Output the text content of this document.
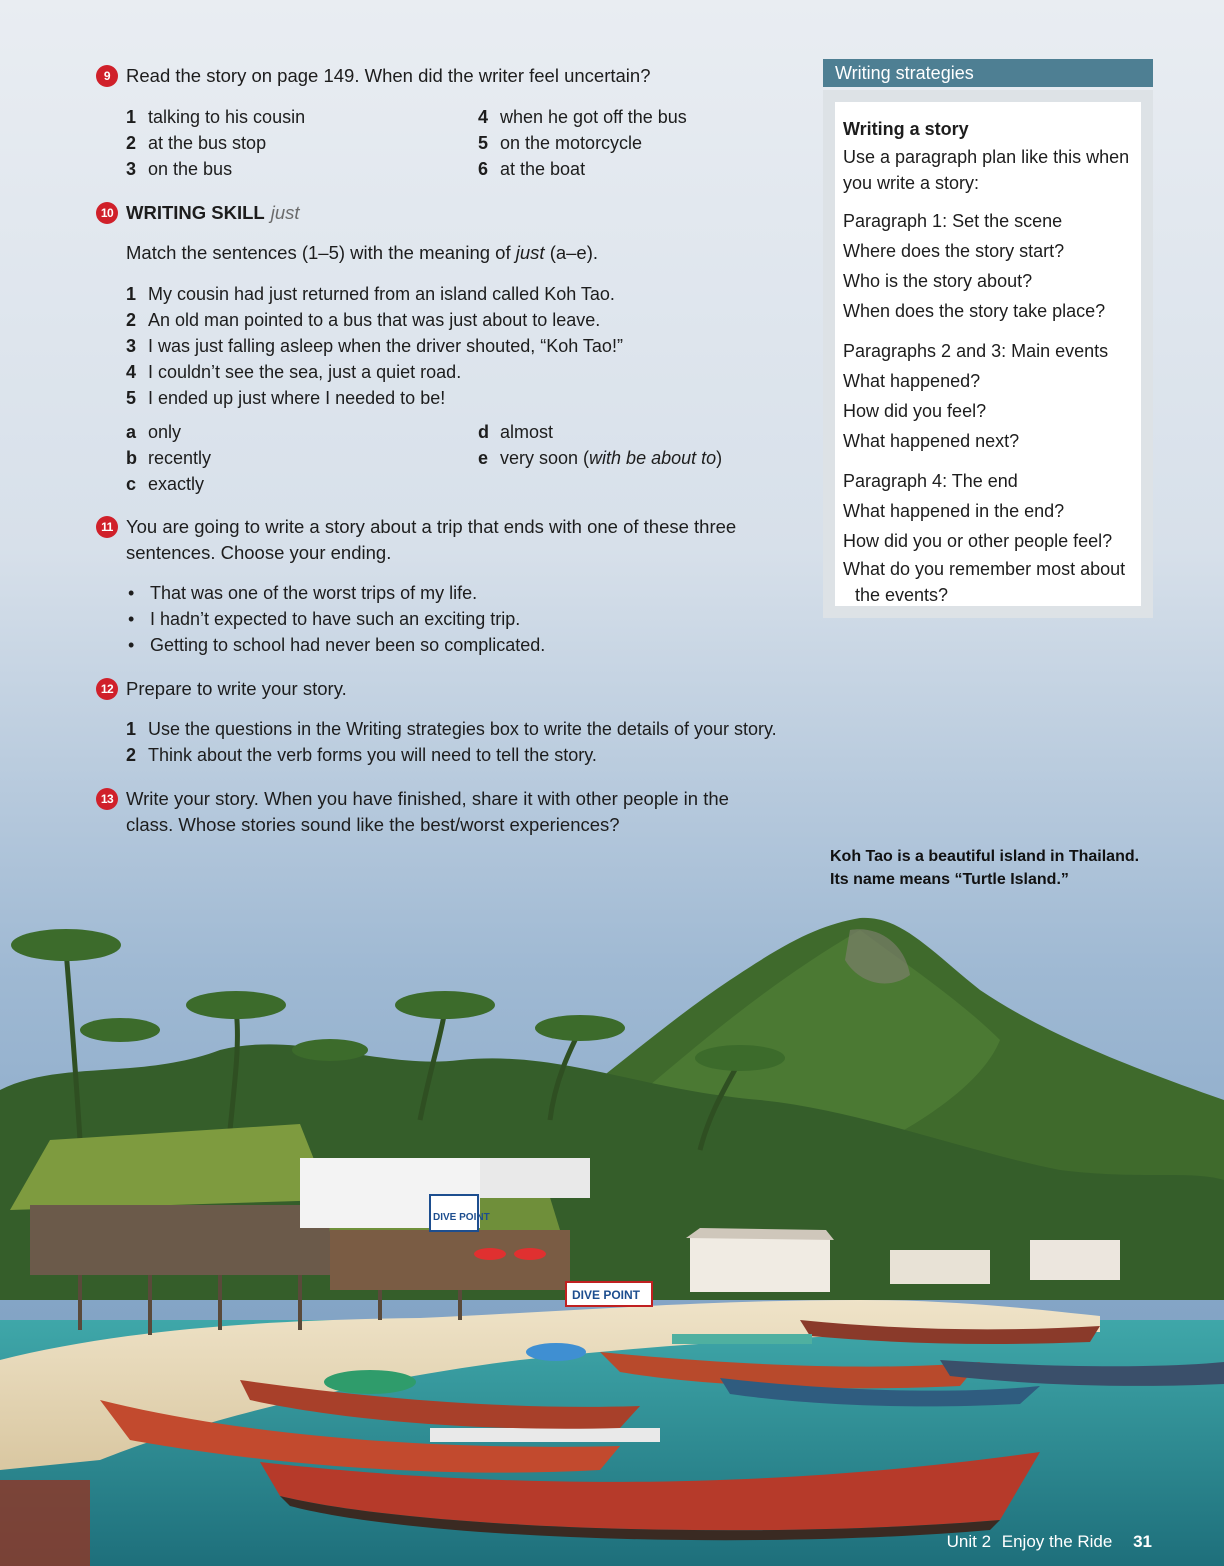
DIVE POINT
DIVE POINT
9 Read the story on page 149. When did the writer feel uncertain?
1 talking to his cousin
2 at the bus stop
3 on the bus
4 when he got off the bus
5 on the motorcycle
6 at the boat
10 WRITING SKILL just
Match the sentences (1–5) with the meaning of just (a–e).
1 My cousin had just returned from an island called Koh Tao.
2 An old man pointed to a bus that was just about to leave.
3 I was just falling asleep when the driver shouted, “Koh Tao!”
4 I couldn’t see the sea, just a quiet road.
5 I ended up just where I needed to be!
a only
b recently
c exactly
d almost
e very soon (with be about to)
11 You are going to write a story about a trip that ends with one of these three
sentences. Choose your ending.
• That was one of the worst trips of my life.
• I hadn’t expected to have such an exciting trip.
• Getting to school had never been so complicated.
12 Prepare to write your story.
1 Use the questions in the Writing strategies box to write the details of your story.
2 Think about the verb forms you will need to tell the story.
13 Write your story. When you have finished, share it with other people in the
class. Whose stories sound like the best/worst experiences?
Writing strategies
Writing a story
Use a paragraph plan like this when
you write a story:
Paragraph 1: Set the scene
Where does the story start?
Who is the story about?
When does the story take place?
Paragraphs 2 and 3: Main events
What happened?
How did you feel?
What happened next?
Paragraph 4: The end
What happened in the end?
How did you or other people feel?
What do you remember most about
the events?
Koh Tao is a beautiful island in Thailand.
Its name means “Turtle Island.”
Unit 2 Enjoy the Ride 31
